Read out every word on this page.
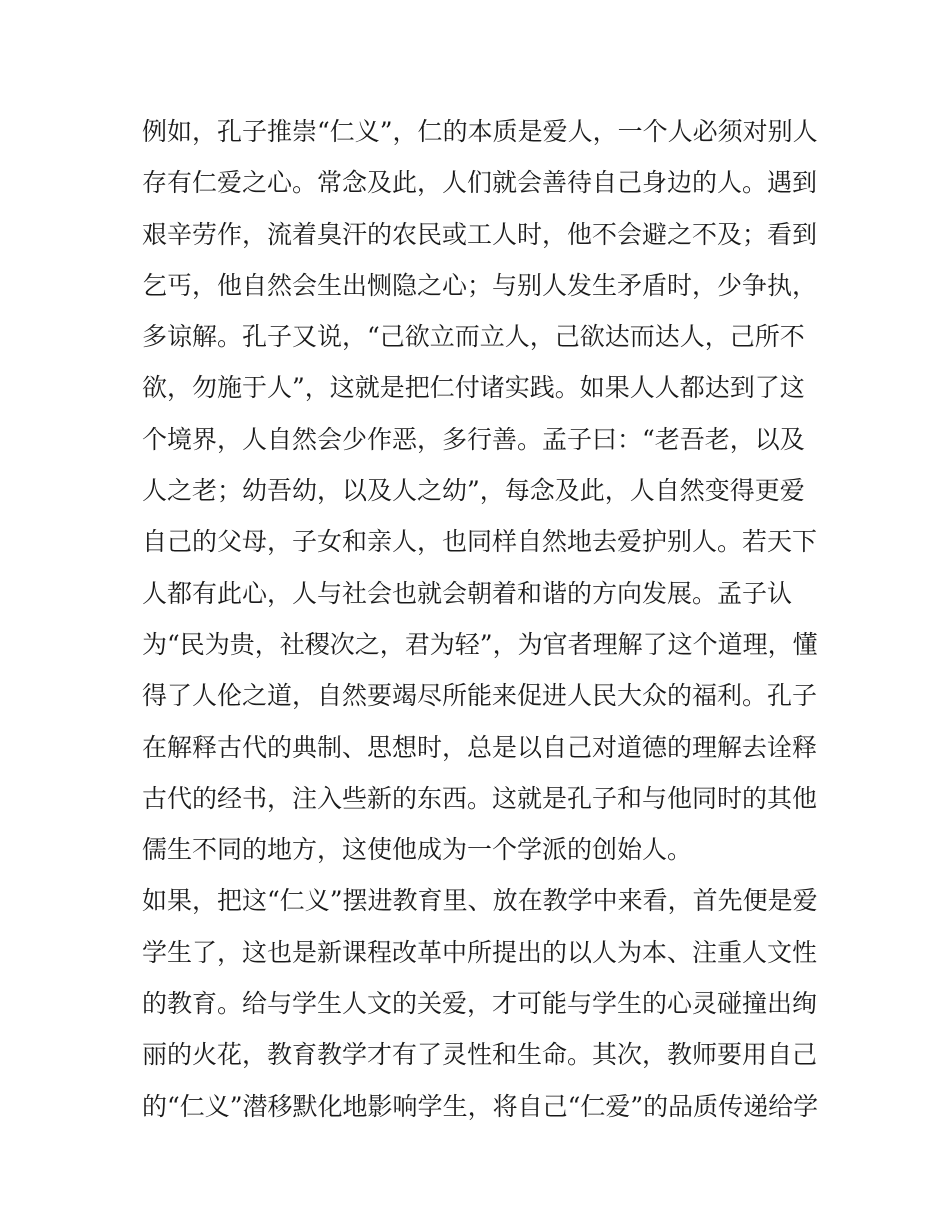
例如，孔子推崇“仁义”，仁的本质是爱人，一个人必须对别人
存有仁爱之心。常念及此，人们就会善待自己身边的人。遇到
艰辛劳作，流着臭汗的农民或工人时，他不会避之不及；看到
乞丐，他自然会生出恻隐之心；与别人发生矛盾时，少争执，
多谅解。孔子又说，“己欲立而立人，己欲达而达人，己所不
欲，勿施于人”，这就是把仁付诸实践。如果人人都达到了这
个境界，人自然会少作恶，多行善。孟子曰：“老吾老，以及
人之老；幼吾幼，以及人之幼”，每念及此，人自然变得更爱
自己的父母，子女和亲人，也同样自然地去爱护别人。若天下
人都有此心，人与社会也就会朝着和谐的方向发展。孟子认
为“民为贵，社稷次之，君为轻”，为官者理解了这个道理，懂
得了人伦之道，自然要竭尽所能来促进人民大众的福利。孔子
在解释古代的典制、思想时，总是以自己对道德的理解去诠释
古代的经书，注入些新的东西。这就是孔子和与他同时的其他
儒生不同的地方，这使他成为一个学派的创始人。
如果，把这“仁义”摆进教育里、放在教学中来看，首先便是爱
学生了，这也是新课程改革中所提出的以人为本、注重人文性
的教育。给与学生人文的关爱，才可能与学生的心灵碰撞出绚
丽的火花，教育教学才有了灵性和生命。其次，教师要用自己
的“仁义”潜移默化地影响学生，将自己“仁爱”的品质传递给学
